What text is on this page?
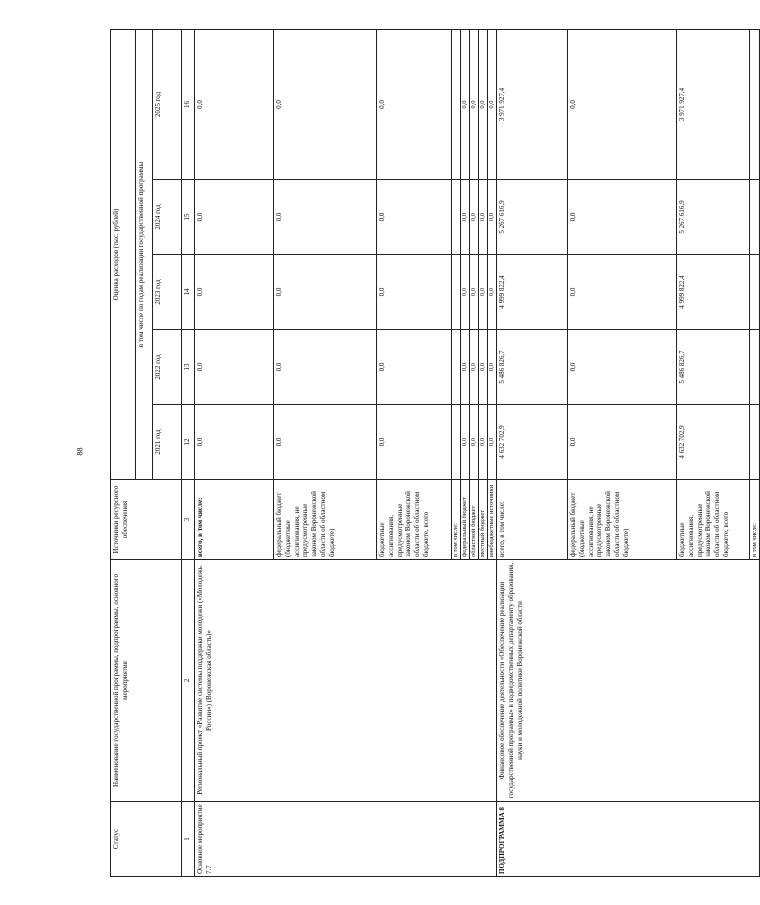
88
Статус	Наименование государственной программы, подпрограммы, основного мероприятия	Источники ресурсного обеспечения	Оценка расходов (тыс. рублей)				
			в том числе по годам реализации государственной программы				
			2021 год	2022 год	2023 год	2024 год	2025 год
1	2	3	12	13	14	15	16
Основное мероприятие 7.7	Региональный проект «Развитие системы поддержки молодежи («Молодежь России») (Воронежская область)»	всего, в том числе:	0,0	0,0	0,0	0,0	0,0
		федеральный бюджет (бюджетные ассигнования, не предусмотренные законом Воронежской области об областном бюджете)	0,0	0,0	0,0	0,0	0,0
		бюджетные ассигнования, предусмотренные законом Воронежской области об областном бюджете, всего	0,0	0,0	0,0	0,0	0,0
		в том числе:					
		федеральный бюджет	0,0	0,0	0,0	0,0	0,0
		областной бюджет	0,0	0,0	0,0	0,0	0,0
		местный бюджет	0,0	0,0	0,0	0,0	0,0
		внебюджетные источники	0,0	0,0	0,0	0,0	0,0
ПОДПРОГРАММА 8	Финансовое обеспечение деятельности «Обеспечение реализации государственной программы» в подведомственных департаменту образования, науки и молодежной политики Воронежской области	всего, в том числе:	4 632 702,9	5 486 826,7	4 999 822,4	5 267 616,9	3 971 927,4
		федеральный бюджет (бюджетные ассигнования, не предусмотренные законом Воронежской области об областном бюджете)	0,0	0,0	0,0	0,0	0,0
		бюджетные ассигнования, предусмотренные законом Воронежской области об областном бюджете, всего	4 632 702,9	5 486 826,7	4 999 822,4	5 267 616,9	3 971 927,4
		в том числе:					
